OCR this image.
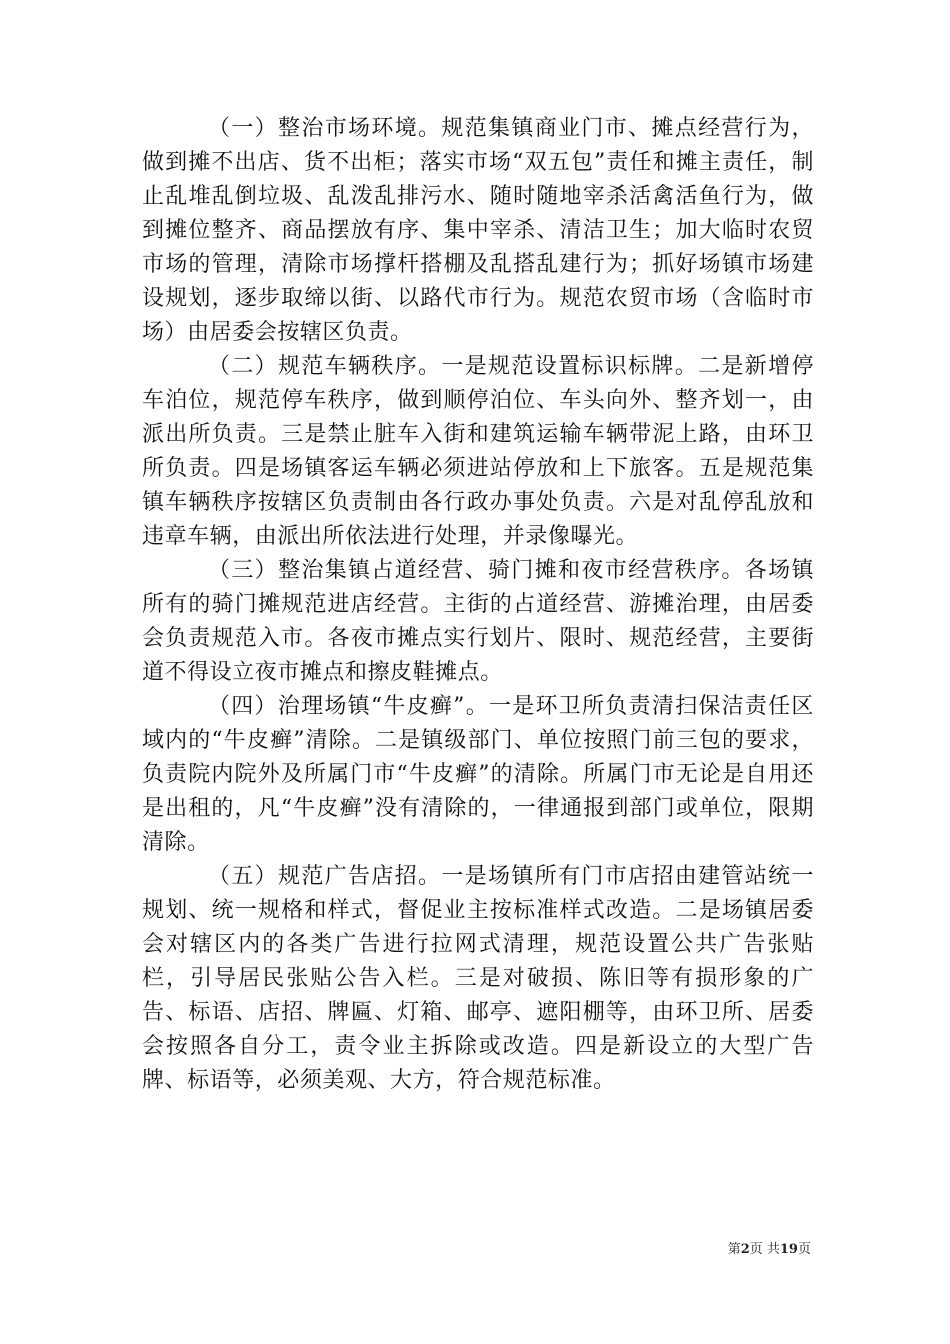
（一）整治市场环境。规范集镇商业门市、摊点经营行为，做到摊不出店、货不出柜；落实市场“双五包”责任和摊主责任，制止乱堆乱倒垃圾、乱泼乱排污水、随时随地宰杀活禽活鱼行为，做到摊位整齐、商品摆放有序、集中宰杀、清洁卫生；加大临时农贸市场的管理，清除市场撑杆搭棚及乱搭乱建行为；抓好场镇市场建设规划，逐步取缔以街、以路代市行为。规范农贸市场（含临时市场）由居委会按辖区负责。

（二）规范车辆秩序。一是规范设置标识标牌。二是新增停车泊位，规范停车秩序，做到顺停泊位、车头向外、整齐划一，由派出所负责。三是禁止脏车入街和建筑运输车辆带泥上路，由环卫所负责。四是场镇客运车辆必须进站停放和上下旅客。五是规范集镇车辆秩序按辖区负责制由各行政办事处负责。六是对乱停乱放和违章车辆，由派出所依法进行处理，并录像曝光。

（三）整治集镇占道经营、骑门摊和夜市经营秩序。各场镇所有的骑门摊规范进店经营。主街的占道经营、游摊治理，由居委会负责规范入市。各夜市摊点实行划片、限时、规范经营，主要街道不得设立夜市摊点和擦皮鞋摊点。

（四）治理场镇“牛皮癣”。一是环卫所负责清扫保洁责任区域内的“牛皮癣”清除。二是镇级部门、单位按照门前三包的要求，负责院内院外及所属门市“牛皮癣”的清除。所属门市无论是自用还是出租的，凡“牛皮癣”没有清除的，一律通报到部门或单位，限期清除。

（五）规范广告店招。一是场镇所有门市店招由建管站统一规划、统一规格和样式，督促业主按标准样式改造。二是场镇居委会对辖区内的各类广告进行拉网式清理，规范设置公共广告张贴栏，引导居民张贴公告入栏。三是对破损、陈旧等有损形象的广告、标语、店招、牌匾、灯箱、邮亭、遮阳棚等，由环卫所、居委会按照各自分工，责令业主拆除或改造。四是新设立的大型广告牌、标语等，必须美观、大方，符合规范标准。

第2页 共19页
